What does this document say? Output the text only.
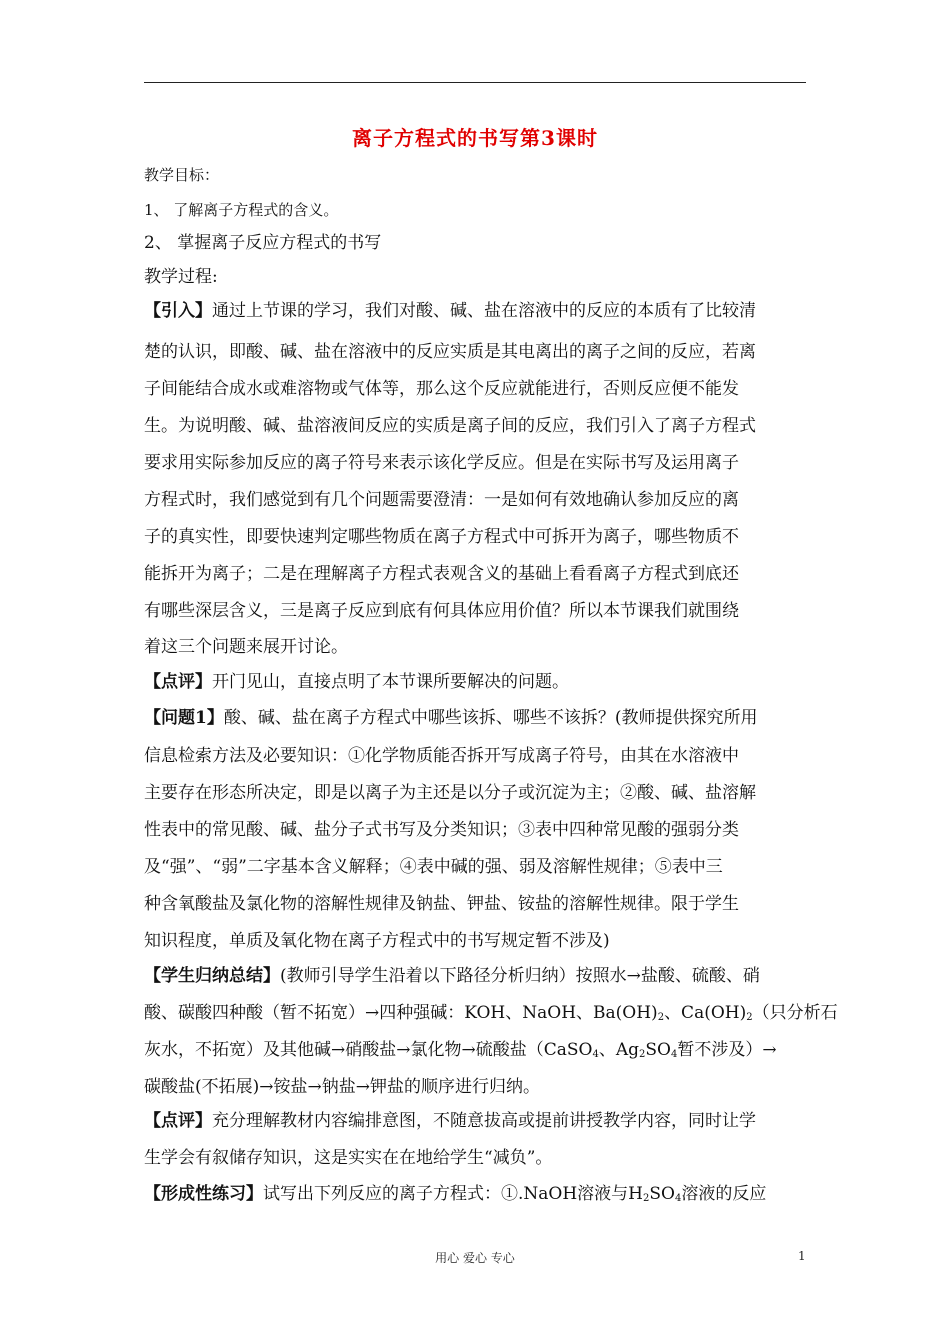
离子方程式的书写第3课时
教学目标：
1、 了解离子方程式的含义。
2、 掌握离子反应方程式的书写
教学过程:
【引入】通过上节课的学习，我们对酸、碱、盐在溶液中的反应的本质有了比较清
楚的认识，即酸、碱、盐在溶液中的反应实质是其电离出的离子之间的反应，若离
子间能结合成水或难溶物或气体等，那么这个反应就能进行，否则反应便不能发
生。为说明酸、碱、盐溶液间反应的实质是离子间的反应，我们引入了离子方程式
要求用实际参加反应的离子符号来表示该化学反应。但是在实际书写及运用离子
方程式时，我们感觉到有几个问题需要澄清：一是如何有效地确认参加反应的离
子的真实性，即要快速判定哪些物质在离子方程式中可拆开为离子，哪些物质不
能拆开为离子；二是在理解离子方程式表观含义的基础上看看离子方程式到底还
有哪些深层含义，三是离子反应到底有何具体应用价值？所以本节课我们就围绕
着这三个问题来展开讨论。
【点评】开门见山，直接点明了本节课所要解决的问题。
【问题1】酸、碱、盐在离子方程式中哪些该拆、哪些不该拆？(教师提供探究所用
信息检索方法及必要知识：①化学物质能否拆开写成离子符号，由其在水溶液中
主要存在形态所决定，即是以离子为主还是以分子或沉淀为主；②酸、碱、盐溶解
性表中的常见酸、碱、盐分子式书写及分类知识；③表中四种常见酸的强弱分类
及“强”、“弱”二字基本含义解释；④表中碱的强、弱及溶解性规律；⑤表中三
种含氧酸盐及氯化物的溶解性规律及钠盐、钾盐、铵盐的溶解性规律。限于学生
知识程度，单质及氧化物在离子方程式中的书写规定暂不涉及)
【学生归纳总结】(教师引导学生沿着以下路径分析归纳）按照水→盐酸、硫酸、硝
酸、碳酸四种酸（暂不拓宽）→四种强碱：KOH、NaOH、$Ba(OH)_2$、$Ca(OH)_2$（只分析石
灰水，不拓宽）及其他碱→硝酸盐→氯化物→硫酸盐（CaSO$_4$、$Ag_2SO_4$暂不涉及）→
碳酸盐(不拓展)→铵盐→钠盐→钾盐的顺序进行归纳。
【点评】充分理解教材内容编排意图，不随意拔高或提前讲授教学内容，同时让学
生学会有叙储存知识，这是实实在在地给学生“减负”。
【形成性练习】试写出下列反应的离子方程式：①.NaOH溶液与$H_2SO_4$溶液的反应
用心 爱心 专心	1
